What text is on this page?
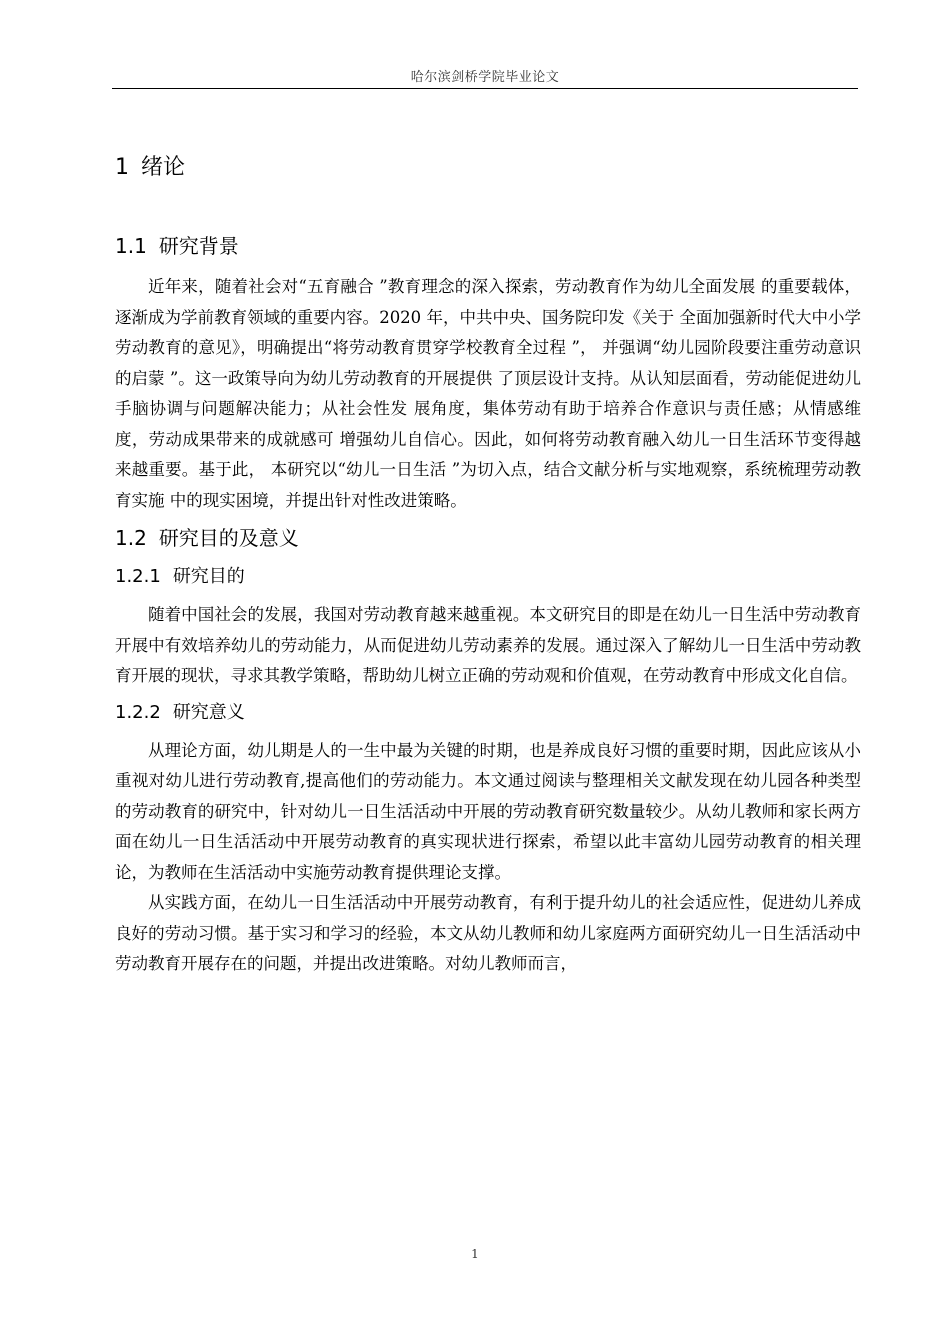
哈尔滨剑桥学院毕业论文
1 绪论
1.1 研究背景

近年来，随着社会对“五育融合 ”教育理念的深入探索，劳动教育作为幼儿全面发展 的重要载体，逐渐成为学前教育领域的重要内容。2020 年，中共中央、国务院印发《关于 全面加强新时代大中小学劳动教育的意见》，明确提出“将劳动教育贯穿学校教育全过程 ”， 并强调“幼儿园阶段要注重劳动意识的启蒙 ”。这一政策导向为幼儿劳动教育的开展提供 了顶层设计支持。从认知层面看，劳动能促进幼儿手脑协调与问题解决能力；从社会性发 展角度，集体劳动有助于培养合作意识与责任感；从情感维度，劳动成果带来的成就感可 增强幼儿自信心。因此，如何将劳动教育融入幼儿一日生活环节变得越来越重要。基于此， 本研究以“幼儿一日生活 ”为切入点，结合文献分析与实地观察，系统梳理劳动教育实施 中的现实困境，并提出针对性改进策略。

1.2 研究目的及意义
1.2.1 研究目的

随着中国社会的发展，我国对劳动教育越来越重视。本文研究目的即是在幼儿一日生活中劳动教育开展中有效培养幼儿的劳动能力，从而促进幼儿劳动素养的发展。通过深入了解幼儿一日生活中劳动教育开展的现状，寻求其教学策略，帮助幼儿树立正确的劳动观和价值观，在劳动教育中形成文化自信。

1.2.2 研究意义

从理论方面，幼儿期是人的一生中最为关键的时期，也是养成良好习惯的重要时期，因此应该从小重视对幼儿进行劳动教育,提高他们的劳动能力。本文通过阅读与整理相关文献发现在幼儿园各种类型的劳动教育的研究中，针对幼儿一日生活活动中开展的劳动教育研究数量较少。从幼儿教师和家长两方面在幼儿一日生活活动中开展劳动教育的真实现状进行探索，希望以此丰富幼儿园劳动教育的相关理论，为教师在生活活动中实施劳动教育提供理论支撑。

从实践方面，在幼儿一日生活活动中开展劳动教育，有利于提升幼儿的社会适应性，促进幼儿养成良好的劳动习惯。基于实习和学习的经验，本文从幼儿教师和幼儿家庭两方面研究幼儿一日生活活动中劳动教育开展存在的问题，并提出改进策略。对幼儿教师而言，

1
